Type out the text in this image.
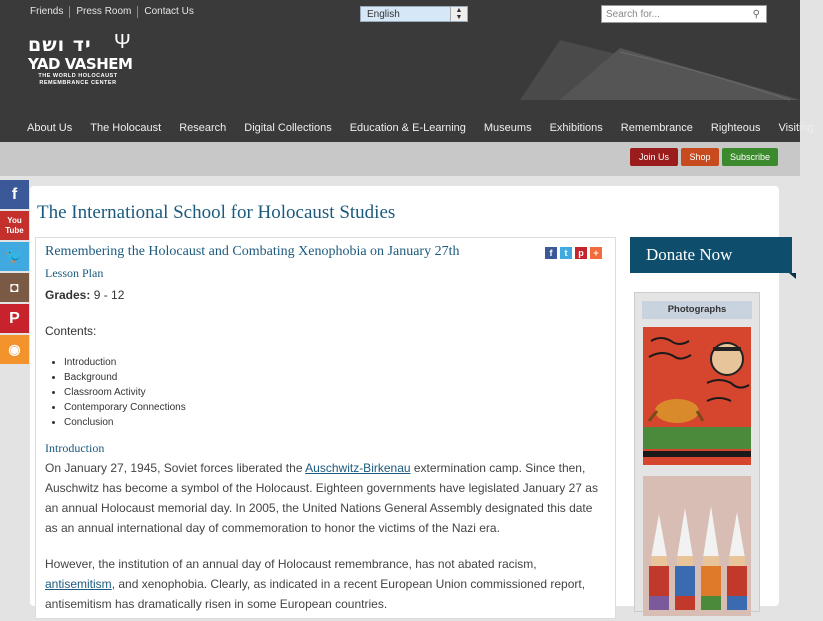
Friends	Press Room	Contact Us	English	▲
▼	Search for...	⚲
יד ושם	Ψ
YAD VASHEM
THE WORLD HOLOCAUST
REMEMBRANCE CENTER
About Us	The Holocaust	Research	Digital Collections	Education & E-Learning	Museums	Exhibitions	Remembrance	Righteous	Visiting
Join Us	Shop	Subscribe
f
You Tube
🐦
◘
P
◉
The International School for Holocaust Studies
Remembering the Holocaust and Combating Xenophobia on January 27th	f	t	p	+
Lesson Plan
Grades: 9 - 12
Contents:
• Introduction
• Background
• Classroom Activity
• Contemporary Connections
• Conclusion
Introduction
On January 27, 1945, Soviet forces liberated the Auschwitz-Birkenau extermination camp. Since then, Auschwitz has become a symbol of the Holocaust. Eighteen governments have legislated January 27 as an annual Holocaust memorial day. In 2005, the United Nations General Assembly designated this date as an annual international day of commemoration to honor the victims of the Nazi era.
However, the institution of an annual day of Holocaust remembrance, has not abated racism, antisemitism, and xenophobia. Clearly, as indicated in a recent European Union commissioned report, antisemitism has dramatically risen in some European countries.
Donate Now
Photographs
